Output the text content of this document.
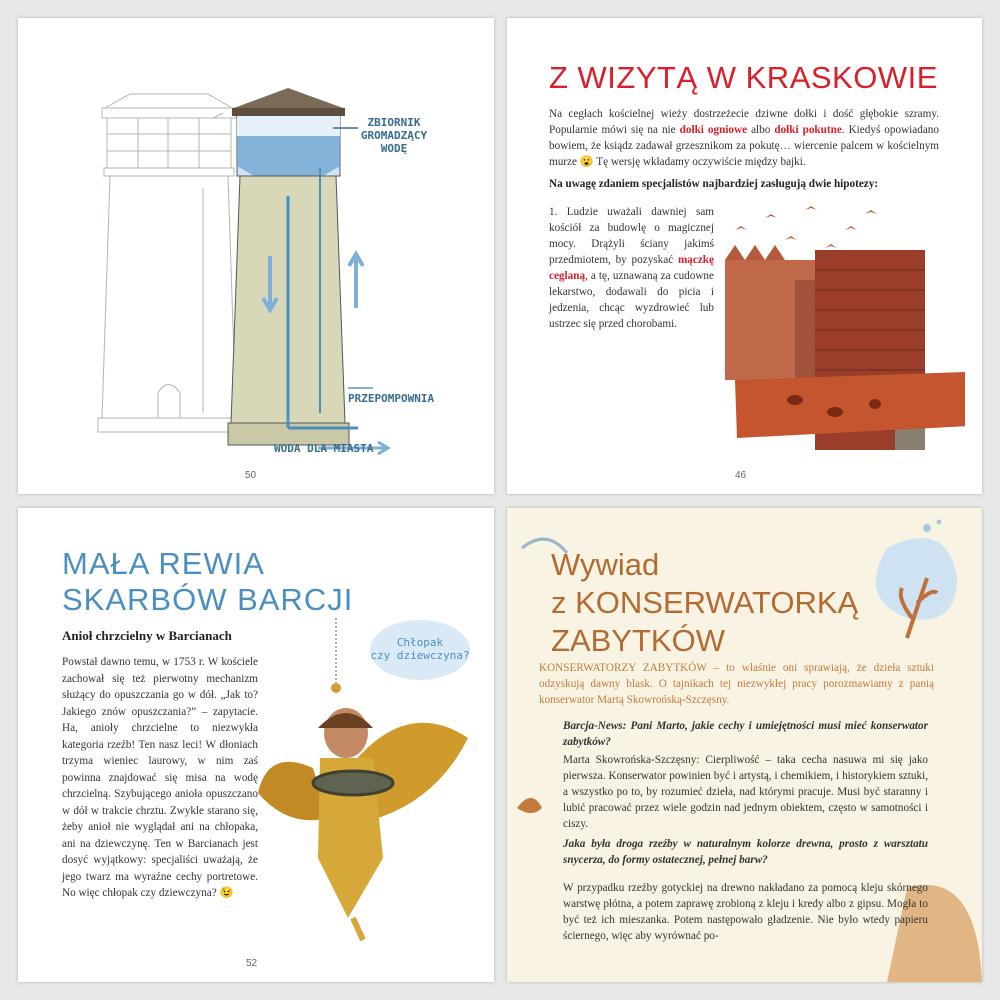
ZBIORNIK GROMADZĄCY WODĘ
PRZEPOMPOWNIA
WODA DLA MIASTA
50
Z WIZYTĄ W KRASKOWIE
Na cegłach kościelnej wieży dostrzeżecie dziwne dołki i dość głębokie szramy. Popularnie mówi się na nie dołki ogniowe albo dołki pokutne. Kiedyś opowiadano bowiem, że ksiądz zadawał grzesznikom za pokutę… wiercenie palcem w kościelnym murze 😮 Tę wersję wkładamy oczywiście między bajki.
Na uwagę zdaniem specjalistów najbardziej zasługują dwie hipotezy:
1. Ludzie uważali dawniej sam kościół za budowlę o magicznej mocy. Drążyli ściany jakimś przedmiotem, by pozyskać mączkę ceglaną, a tę, uznawaną za cudowne lekarstwo, dodawali do picia i jedzenia, chcąc wyzdrowieć lub ustrzec się przed chorobami.
46
MAŁA REWIA
SKARBÓW BARCJI
Anioł chrzcielny w Barcianach
Powstał dawno temu, w 1753 r. W kościele zachował się też pierwotny mechanizm służący do opuszczania go w dół. „Jak to? Jakiego znów opuszczania?” – zapytacie. Ha, anioły chrzcielne to niezwykła kategoria rzeźb! Ten nasz leci! W dłoniach trzyma wieniec laurowy, w nim zaś powinna znajdować się misa na wodę chrzcielną. Szybującego anioła opuszczano w dół w trakcie chrztu. Zwykle starano się, żeby anioł nie wyglądał ani na chłopaka, ani na dziewczynę. Ten w Barcianach jest dosyć wyjątkowy: specjaliści uważają, że jego twarz ma wyraźne cechy portretowe. No więc chłopak czy dziewczyna? 😉
Chłopak
czy dziewczyna?
52
Wywiad
z KONSERWATORKĄ
ZABYTKÓW
KONSERWATORZY ZABYTKÓW – to właśnie oni sprawiają, że dzieła sztuki odzyskują dawny blask. O tajnikach tej niezwykłej pracy porozmawiamy z panią konserwator Martą Skowrońską-Szczęsny.
Barcja-News: Pani Marto, jakie cechy i umiejętności musi mieć konserwator zabytków?
Marta Skowrońska-Szczęsny: Cierpliwość – taka cecha nasuwa mi się jako pierwsza. Konserwator powinien być i artystą, i chemikiem, i historykiem sztuki, a wszystko po to, by rozumieć dzieła, nad którymi pracuje. Musi być staranny i lubić pracować przez wiele godzin nad jednym obiektem, często w samotności i ciszy.
Jaka była droga rzeźby w naturalnym kolorze drewna, prosto z warsztatu snycerza, do formy ostatecznej, pełnej barw?
W przypadku rzeźby gotyckiej na drewno nakładano za pomocą kleju skórnego warstwę płótna, a potem zaprawę zrobioną z kleju i kredy albo z gipsu. Mogła to być też ich mieszanka. Potem następowało gładzenie. Nie było wtedy papieru ściernego, więc aby wyrównać po-
